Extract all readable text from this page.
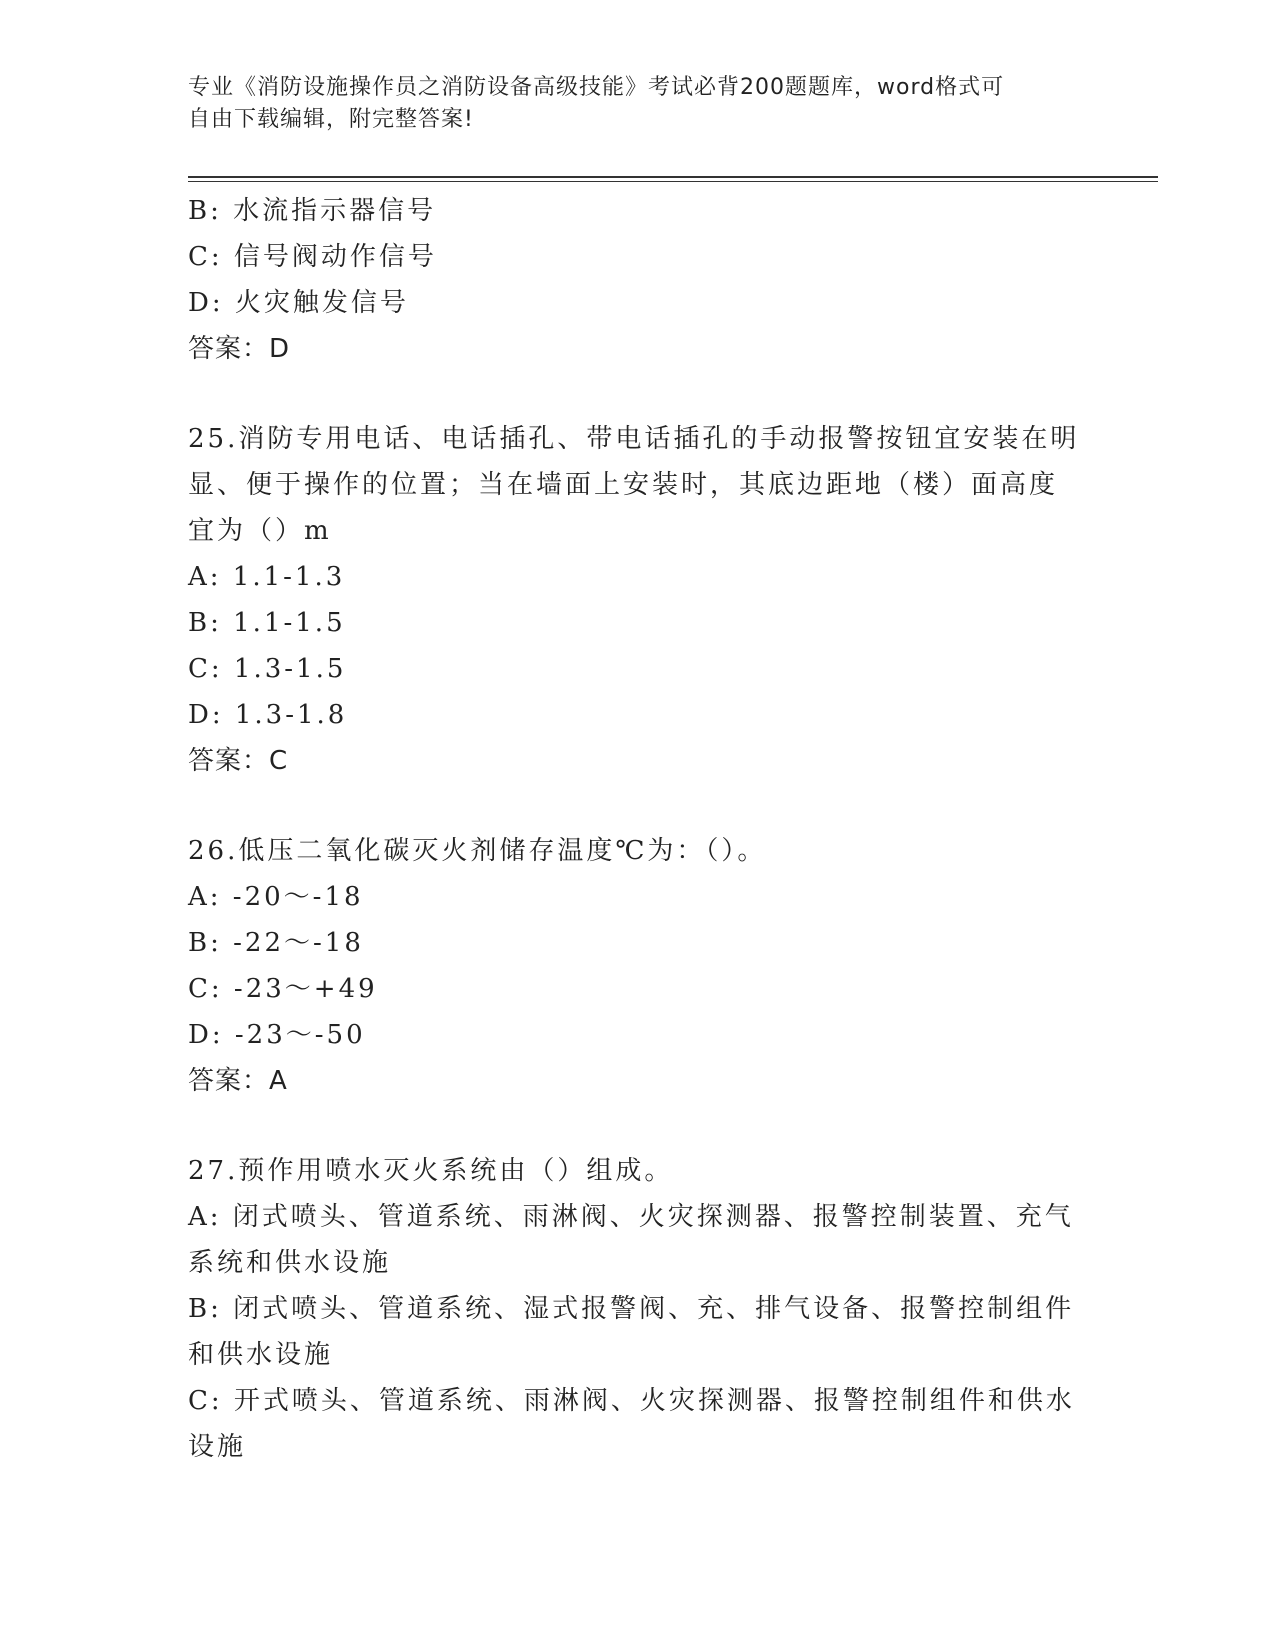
专业《消防设施操作员之消防设备高级技能》考试必背200题题库，word格式可
自由下载编辑，附完整答案!
B: 水流指示器信号
C: 信号阀动作信号
D: 火灾触发信号
答案：D
25.消防专用电话、电话插孔、带电话插孔的手动报警按钮宜安装在明
显、便于操作的位置；当在墙面上安装时，其底边距地（楼）面高度
宜为（）m
A: 1.1-1.3
B: 1.1-1.5
C: 1.3-1.5
D: 1.3-1.8
答案：C
26.低压二氧化碳灭火剂储存温度℃为：（）。
A: -20～-18
B: -22～-18
C: -23～+49
D: -23～-50
答案：A
27.预作用喷水灭火系统由（）组成。
A: 闭式喷头、管道系统、雨淋阀、火灾探测器、报警控制装置、充气
系统和供水设施
B: 闭式喷头、管道系统、湿式报警阀、充、排气设备、报警控制组件
和供水设施
C: 开式喷头、管道系统、雨淋阀、火灾探测器、报警控制组件和供水
设施
